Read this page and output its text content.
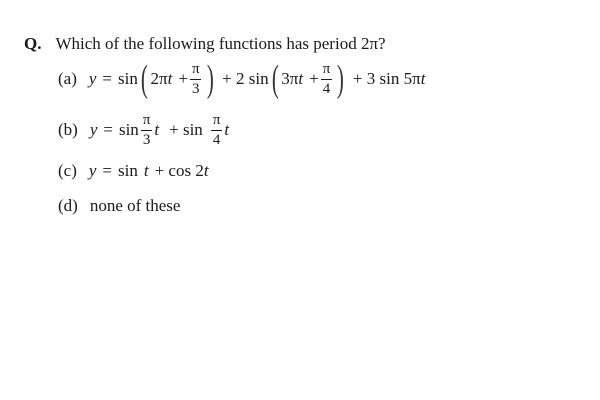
Q. Which of the following functions has period 2π?
(a) y = sin ( 2π $t + \frac{\pi}{3}$ ) + 2 sin ( 3π $t + \frac{\pi}{4}$ ) + 3 sin 5π t
(b) $y = \sin \frac{\pi}{3}$ $t + \sin \frac{\pi}{4}$ t
(c) y = sin t + cos 2 t
(d) none of these
